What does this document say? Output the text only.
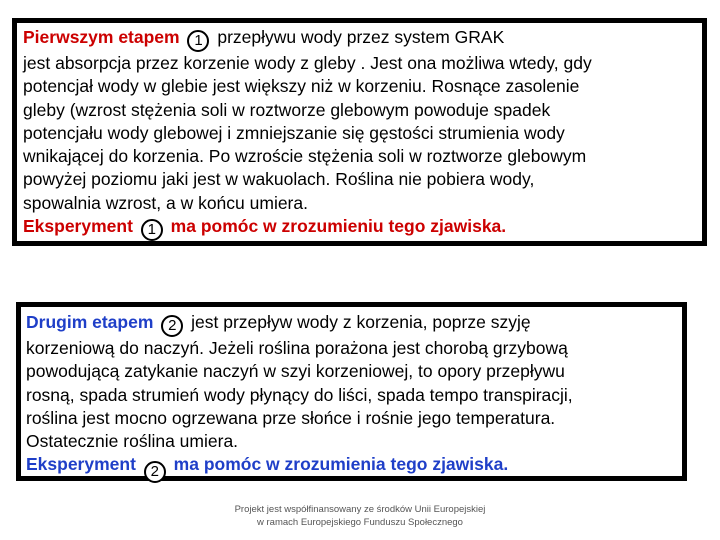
Pierwszym etapem 1 przepływu wody przez system GRAK

jest absorpcja przez korzenie wody z gleby . Jest ona możliwa wtedy, gdy

potencjał wody w glebie jest większy niż w korzeniu. Rosnące zasolenie

gleby (wzrost stężenia soli w roztworze glebowym powoduje spadek

potencjału wody glebowej i zmniejszanie się gęstości strumienia wody

wnikającej do korzenia. Po wzroście stężenia soli w roztworze glebowym

powyżej poziomu jaki jest w wakuolach. Roślina nie pobiera wody,

spowalnia wzrost, a w końcu umiera.

Eksperyment 1 ma pomóc w zrozumieniu tego zjawiska.

Drugim etapem 2 jest przepływ wody z korzenia, poprze szyję

korzeniową do naczyń. Jeżeli roślina porażona jest chorobą grzybową

powodującą zatykanie naczyń w szyi korzeniowej, to opory przepływu

rosną, spada strumień wody płynący do liści, spada tempo transpiracji,

roślina jest mocno ogrzewana prze słońce i rośnie jego temperatura.

Ostatecznie roślina umiera.

Eksperyment 2 ma pomóc w zrozumienia tego zjawiska.

Projekt jest współfinansowany ze środków Unii Europejskiej
w ramach Europejskiego Funduszu Społecznego
